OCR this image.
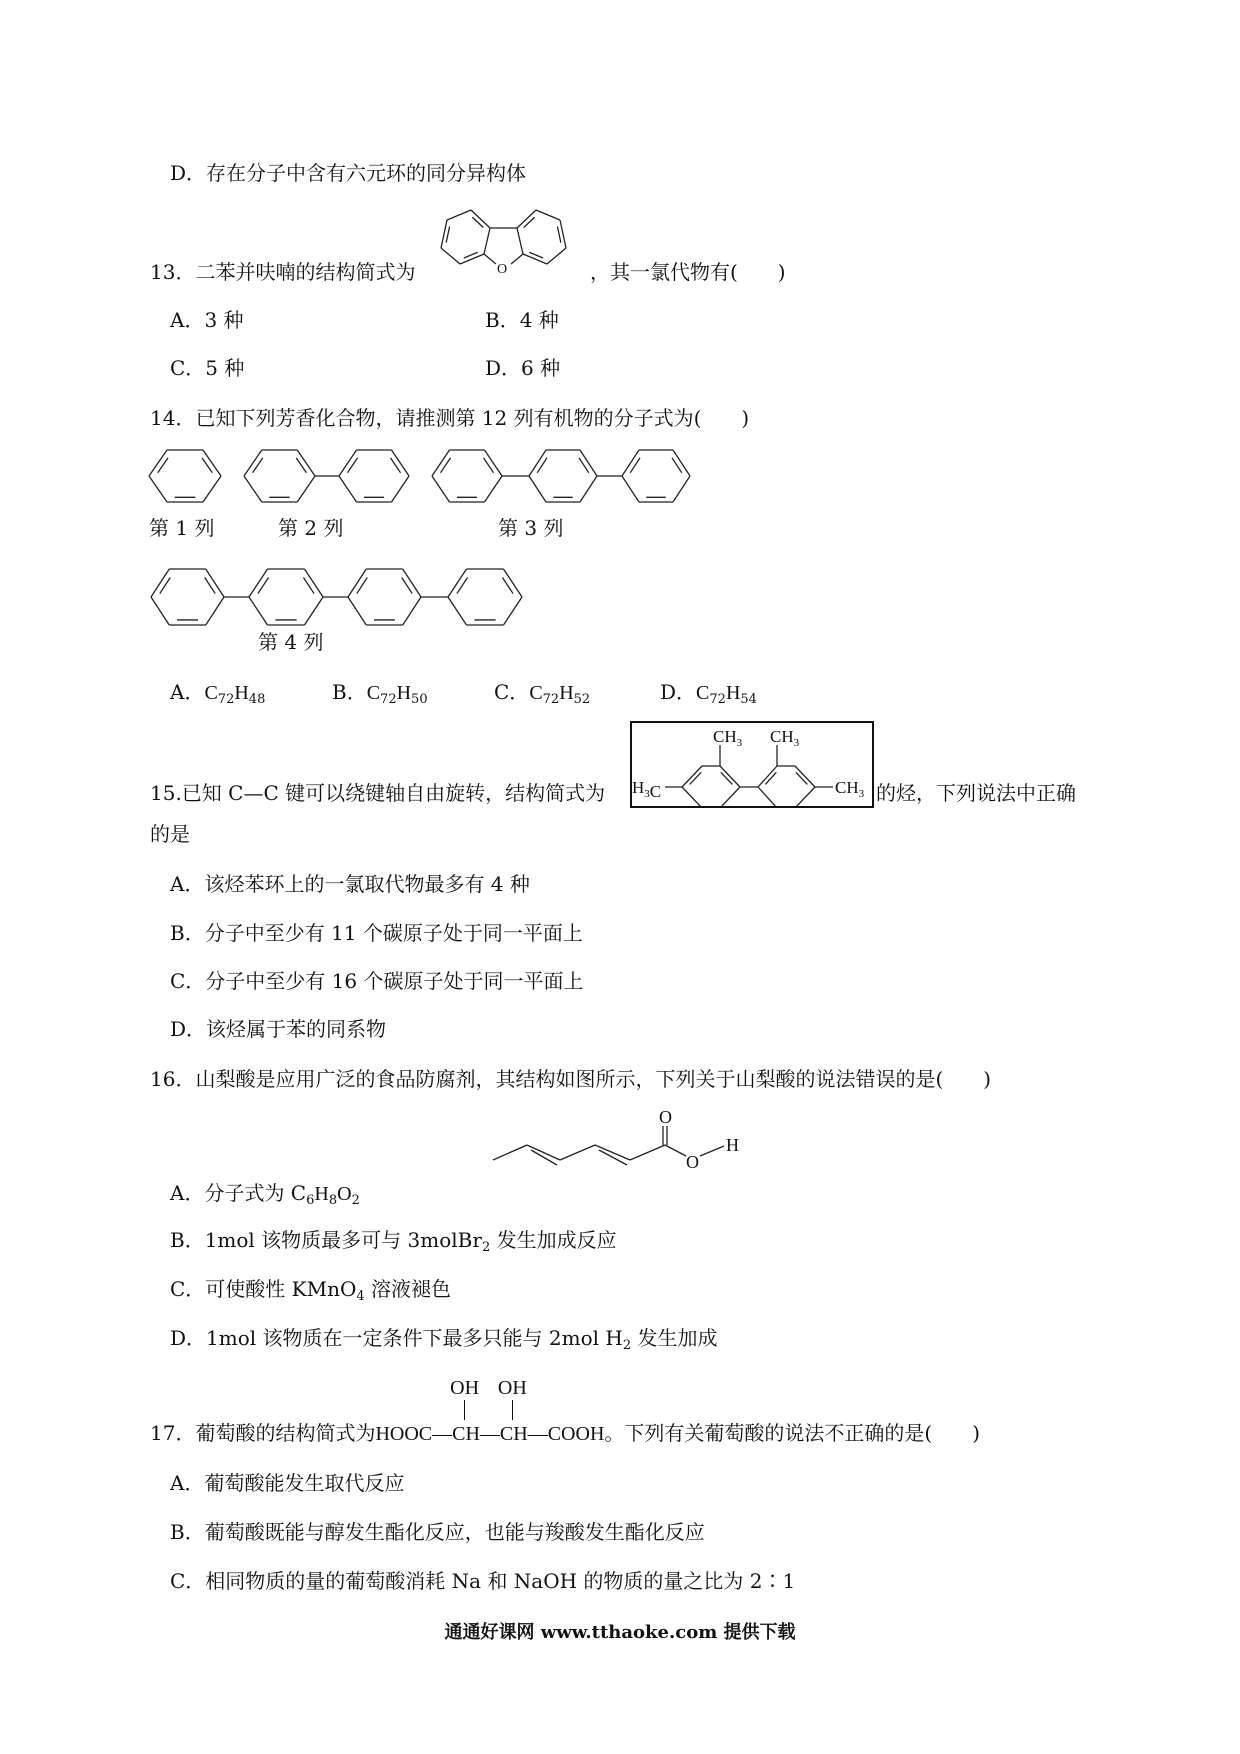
D．存在分子中含有六元环的同分异构体
13．二苯并呋喃的结构简式为	O	，其一氯代物有(　　)
A．3 种	B．4 种
C．5 种	D．6 种
14．已知下列芳香化合物，请推测第 12 列有机物的分子式为(　　)
第 1 列	第 2 列	第 3 列
第 4 列
A．$C_{72}H_{48}$	B．$C_{72}H_{50}$	C．$C_{72}H_{52}$	D．$C_{72}H_{54}$
15.已知 C—C 键可以绕键轴自由旋转，结构简式为 $H_3C$	$CH_3$
$CH_3$ $CH_3$
的烃，下列说法中正确
的是
A．该烃苯环上的一氯取代物最多有 4 种
B．分子中至少有 11 个碳原子处于同一平面上
C．分子中至少有 16 个碳原子处于同一平面上
D．该烃属于苯的同系物
16．山梨酸是应用广泛的食品防腐剂，其结构如图所示，下列关于山梨酸的说法错误的是(　　)
O
O
H
A．分子式为 $C_6H_8O_2$
B．1mol 该物质最多可与 3molBr$_2$ 发生加成反应
C．可使酸性 KMnO$_4$ 溶液褪色
D．1mol 该物质在一定条件下最多只能与 2mol $H_2$ 发生加成
17．葡萄酸的结构简式为HOOC—
OH
CH—
OH
CH—COOH。下列有关葡萄酸的说法不正确的是(　　)
A．葡萄酸能发生取代反应
B．葡萄酸既能与醇发生酯化反应，也能与羧酸发生酯化反应
C．相同物质的量的葡萄酸消耗 Na 和 NaOH 的物质的量之比为 2∶1
通通好课网 www.tthaoke.com 提供下载
